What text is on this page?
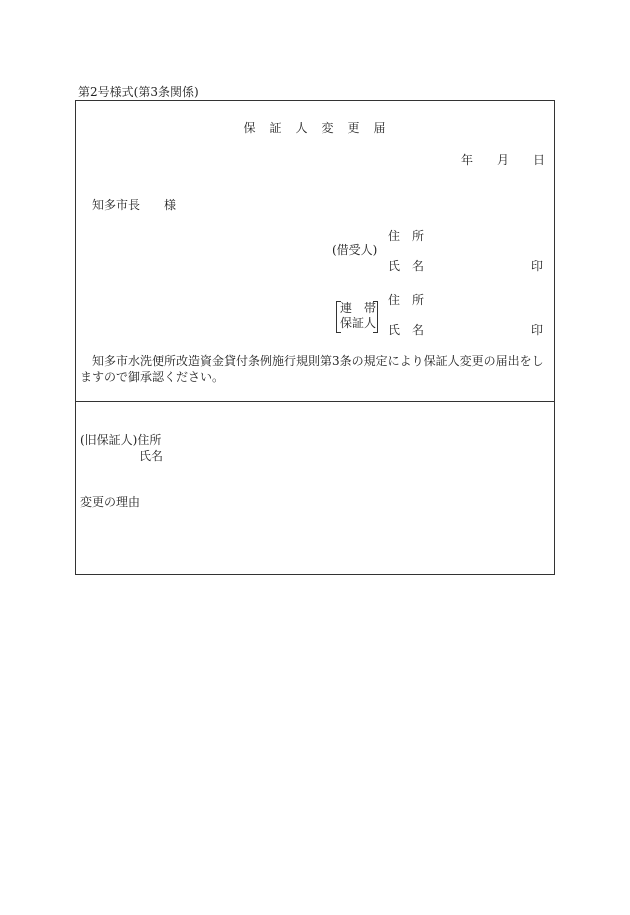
第2号様式(第3条関係)
保　証　人　変　更　届
年 月 日
知多市長　　様
(借受人)
住　所
氏　名	印
連　帯
保証人
住　所
氏　名	印
知多市水洗便所改造資金貸付条例施行規則第3条の規定により保証人変更の届出をしますので御承認ください。
(旧保証人)住所
氏名
変更の理由
